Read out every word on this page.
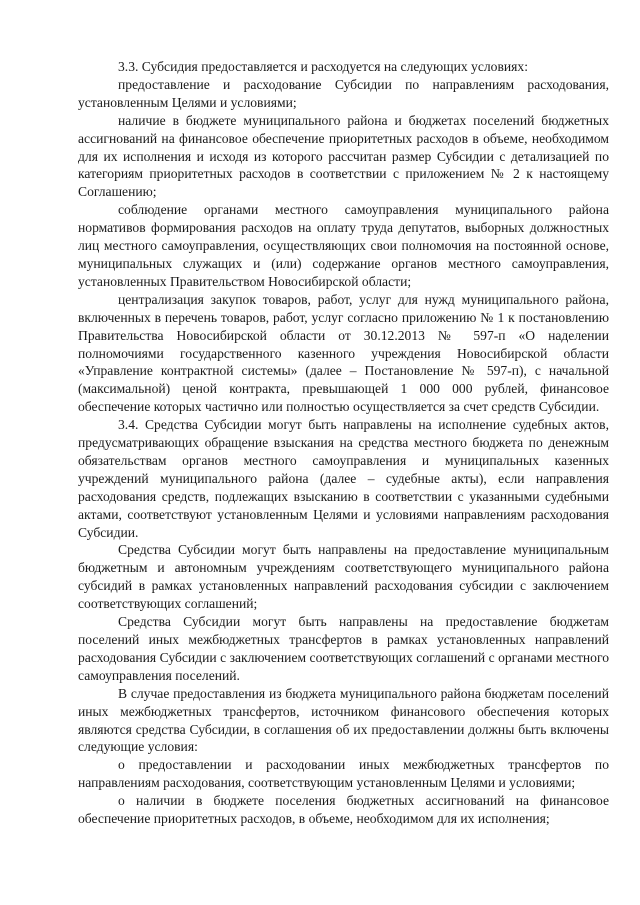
3.3. Субсидия предоставляется и расходуется на следующих условиях:

предоставление и расходование Субсидии по направлениям расходования, установленным Целями и условиями;

наличие в бюджете муниципального района и бюджетах поселений бюджетных ассигнований на финансовое обеспечение приоритетных расходов в объеме, необходимом для их исполнения и исходя из которого рассчитан размер Субсидии с детализацией по категориям приоритетных расходов в соответствии с приложением № 2 к настоящему Соглашению;

соблюдение органами местного самоуправления муниципального района нормативов формирования расходов на оплату труда депутатов, выборных должностных лиц местного самоуправления, осуществляющих свои полномочия на постоянной основе, муниципальных служащих и (или) содержание органов местного самоуправления, установленных Правительством Новосибирской области;

централизация закупок товаров, работ, услуг для нужд муниципального района, включенных в перечень товаров, работ, услуг согласно приложению № 1 к постановлению Правительства Новосибирской области от 30.12.2013 № 597-п «О наделении полномочиями государственного казенного учреждения Новосибирской области «Управление контрактной системы» (далее – Постановление № 597-п), с начальной (максимальной) ценой контракта, превышающей 1 000 000 рублей, финансовое обеспечение которых частично или полностью осуществляется за счет средств Субсидии.

3.4. Средства Субсидии могут быть направлены на исполнение судебных актов, предусматривающих обращение взыскания на средства местного бюджета по денежным обязательствам органов местного самоуправления и муниципальных казенных учреждений муниципального района (далее – судебные акты), если направления расходования средств, подлежащих взысканию в соответствии с указанными судебными актами, соответствуют установленным Целями и условиями направлениям расходования Субсидии.

Средства Субсидии могут быть направлены на предоставление муниципальным бюджетным и автономным учреждениям соответствующего муниципального района субсидий в рамках установленных направлений расходования субсидии с заключением соответствующих соглашений;

Средства Субсидии могут быть направлены на предоставление бюджетам поселений иных межбюджетных трансфертов в рамках установленных направлений расходования Субсидии с заключением соответствующих соглашений с органами местного самоуправления поселений.

В случае предоставления из бюджета муниципального района бюджетам поселений иных межбюджетных трансфертов, источником финансового обеспечения которых являются средства Субсидии, в соглашения об их предоставлении должны быть включены следующие условия:

о предоставлении и расходовании иных межбюджетных трансфертов по направлениям расходования, соответствующим установленным Целями и условиями;

о наличии в бюджете поселения бюджетных ассигнований на финансовое обеспечение приоритетных расходов, в объеме, необходимом для их исполнения;
